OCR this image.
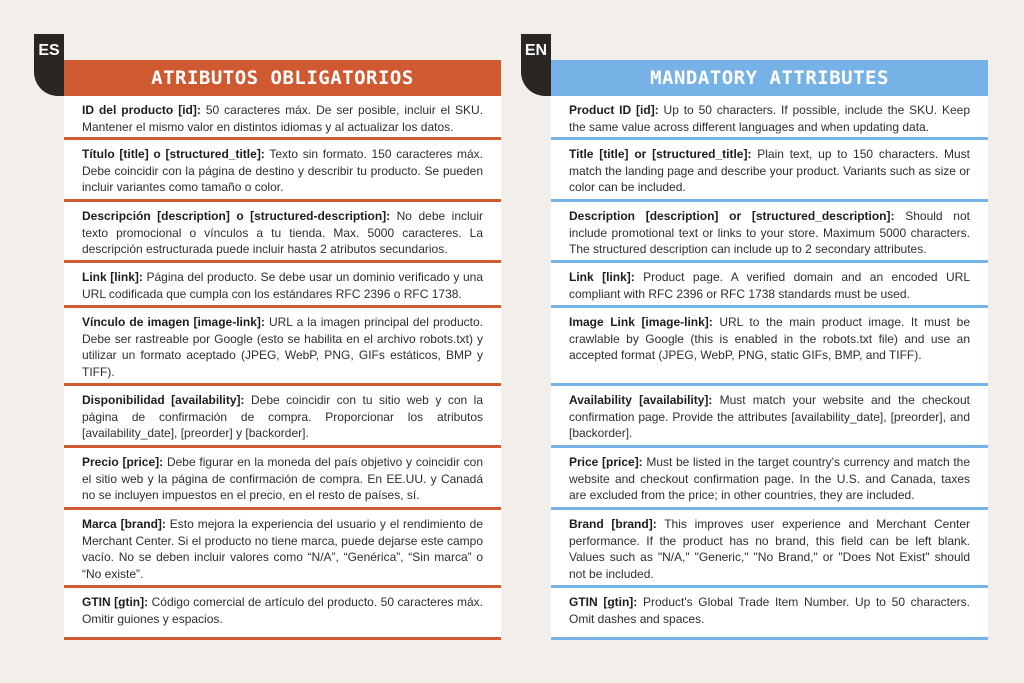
ES
ATRIBUTOS OBLIGATORIOS
ID del producto [id]: 50 caracteres máx. De ser posible, incluir el SKU. Mantener el mismo valor en distintos idiomas y al actualizar los datos.
Título [title] o [structured_title]: Texto sin formato. 150 caracteres máx. Debe coincidir con la página de destino y describir tu producto. Se pueden incluir variantes como tamaño o color.
Descripción [description] o [structured-description]: No debe incluir texto promocional o vínculos a tu tienda. Max. 5000 caracteres. La descripción estructurada puede incluir hasta 2 atributos secundarios.
Link [link]: Página del producto. Se debe usar un dominio verificado y una URL codificada que cumpla con los estándares RFC 2396 o RFC 1738.
Vínculo de imagen [image-link]: URL a la imagen principal del producto. Debe ser rastreable por Google (esto se habilita en el archivo robots.txt) y utilizar un formato aceptado (JPEG, WebP, PNG, GIFs estáticos, BMP y TIFF).
Disponibilidad [availability]: Debe coincidir con tu sitio web y con la página de confirmación de compra. Proporcionar los atributos [availability_date], [preorder] y [backorder].
Precio [price]: Debe figurar en la moneda del país objetivo y coincidir con el sitio web y la página de confirmación de compra. En EE.UU. y Canadá no se incluyen impuestos en el precio, en el resto de países, sí.
Marca [brand]: Esto mejora la experiencia del usuario y el rendimiento de Merchant Center. Si el producto no tiene marca, puede dejarse este campo vacío. No se deben incluir valores como “N/A”, “Genérica”, “Sin marca” o “No existe”.
GTIN [gtin]: Código comercial de artículo del producto. 50 caracteres máx. Omitir guiones y espacios.
EN
MANDATORY ATTRIBUTES
Product ID [id]: Up to 50 characters. If possible, include the SKU. Keep the same value across different languages and when updating data.
Title [title] or [structured_title]: Plain text, up to 150 characters. Must match the landing page and describe your product. Variants such as size or color can be included.
Description [description] or [structured_description]: Should not include promotional text or links to your store. Maximum 5000 characters. The structured description can include up to 2 secondary attributes.
Link [link]: Product page. A verified domain and an encoded URL compliant with RFC 2396 or RFC 1738 standards must be used.
Image Link [image-link]: URL to the main product image. It must be crawlable by Google (this is enabled in the robots.txt file) and use an accepted format (JPEG, WebP, PNG, static GIFs, BMP, and TIFF).
Availability [availability]: Must match your website and the checkout confirmation page. Provide the attributes [availability_date], [preorder], and [backorder].
Price [price]: Must be listed in the target country's currency and match the website and checkout confirmation page. In the U.S. and Canada, taxes are excluded from the price; in other countries, they are included.
Brand [brand]: This improves user experience and Merchant Center performance. If the product has no brand, this field can be left blank. Values such as "N/A," "Generic," "No Brand," or "Does Not Exist" should not be included.
GTIN [gtin]: Product's Global Trade Item Number. Up to 50 characters. Omit dashes and spaces.
